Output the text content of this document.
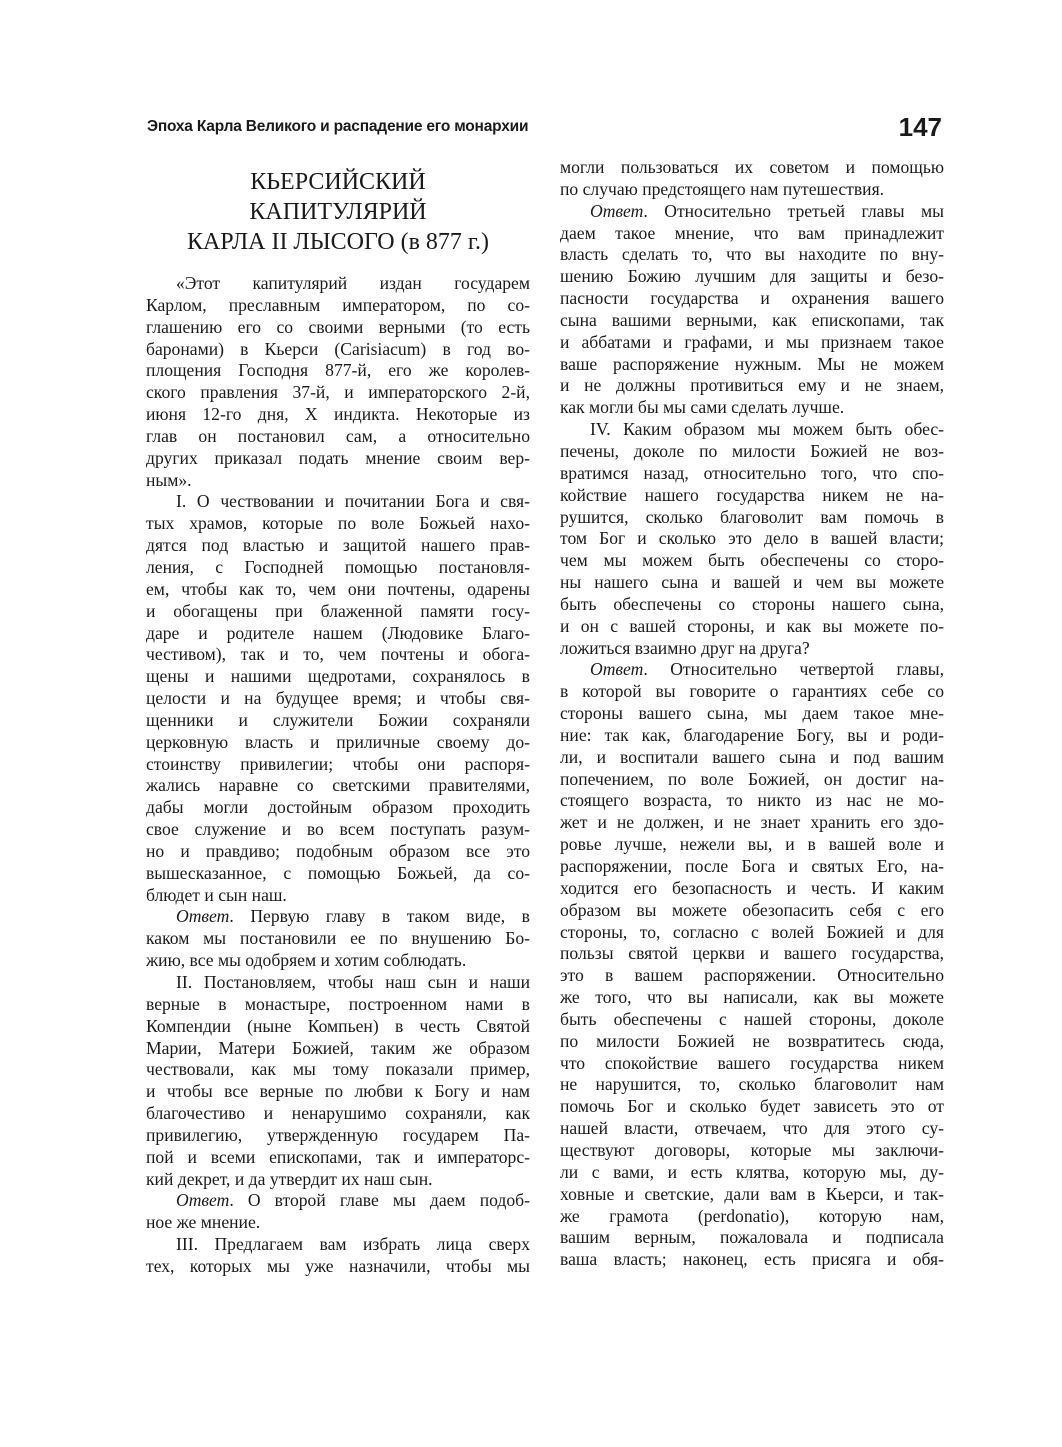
Эпоха Карла Великого и распадение его монархии	147
КЬЕРСИЙСКИЙ
КАПИТУЛЯРИЙ
КАРЛА II ЛЫСОГО (в 877 г.)
«Этот капитулярий издан государем
Карлом, преславным императором, по со-
глашению его со своими верными (то есть
баронами) в Кьерси (Carisiacum) в год во-
площения Господня 877-й, его же королев-
ского правления 37-й, и императорского 2-й,
июня 12-го дня, X индикта. Некоторые из
глав он постановил сам, а относительно
других приказал подать мнение своим вер-
ным».
I. О чествовании и почитании Бога и свя-
тых храмов, которые по воле Божьей нахо-
дятся под властью и защитой нашего прав-
ления, с Господней помощью постановля-
ем, чтобы как то, чем они почтены, одарены
и обогащены при блаженной памяти госу-
даре и родителе нашем (Людовике Благо-
честивом), так и то, чем почтены и обога-
щены и нашими щедротами, сохранялось в
целости и на будущее время; и чтобы свя-
щенники и служители Божии сохраняли
церковную власть и приличные своему до-
стоинству привилегии; чтобы они распоря-
жались наравне со светскими правителями,
дабы могли достойным образом проходить
свое служение и во всем поступать разум-
но и правдиво; подобным образом все это
вышесказанное, с помощью Божьей, да со-
блюдет и сын наш.
Ответ. Первую главу в таком виде, в
каком мы постановили ее по внушению Бо-
жию, все мы одобряем и хотим соблюдать.
II. Постановляем, чтобы наш сын и наши
верные в монастыре, построенном нами в
Компендии (ныне Компьен) в честь Святой
Марии, Матери Божией, таким же образом
чествовали, как мы тому показали пример,
и чтобы все верные по любви к Богу и нам
благочестиво и ненарушимо сохраняли, как
привилегию, утвержденную государем Па-
пой и всеми епископами, так и императорс-
кий декрет, и да утвердит их наш сын.
Ответ. О второй главе мы даем подоб-
ное же мнение.
III. Предлагаем вам избрать лица сверх
тех, которых мы уже назначили, чтобы мы
могли пользоваться их советом и помощью
по случаю предстоящего нам путешествия.
Ответ. Относительно третьей главы мы
даем такое мнение, что вам принадлежит
власть сделать то, что вы находите по вну-
шению Божию лучшим для защиты и безо-
пасности государства и охранения вашего
сына вашими верными, как епископами, так
и аббатами и графами, и мы признаем такое
ваше распоряжение нужным. Мы не можем
и не должны противиться ему и не знаем,
как могли бы мы сами сделать лучше.
IV. Каким образом мы можем быть обес-
печены, доколе по милости Божией не воз-
вратимся назад, относительно того, что спо-
койствие нашего государства никем не на-
рушится, сколько благоволит вам помочь в
том Бог и сколько это дело в вашей власти;
чем мы можем быть обеспечены со сторо-
ны нашего сына и вашей и чем вы можете
быть обеспечены со стороны нашего сына,
и он с вашей стороны, и как вы можете по-
ложиться взаимно друг на друга?
Ответ. Относительно четвертой главы,
в которой вы говорите о гарантиях себе со
стороны вашего сына, мы даем такое мне-
ние: так как, благодарение Богу, вы и роди-
ли, и воспитали вашего сына и под вашим
попечением, по воле Божией, он достиг на-
стоящего возраста, то никто из нас не мо-
жет и не должен, и не знает хранить его здо-
ровье лучше, нежели вы, и в вашей воле и
распоряжении, после Бога и святых Его, на-
ходится его безопасность и честь. И каким
образом вы можете обезопасить себя с его
стороны, то, согласно с волей Божией и для
пользы святой церкви и вашего государства,
это в вашем распоряжении. Относительно
же того, что вы написали, как вы можете
быть обеспечены с нашей стороны, доколе
по милости Божией не возвратитесь сюда,
что спокойствие вашего государства никем
не нарушится, то, сколько благоволит нам
помочь Бог и сколько будет зависеть это от
нашей власти, отвечаем, что для этого су-
ществуют договоры, которые мы заключи-
ли с вами, и есть клятва, которую мы, ду-
ховные и светские, дали вам в Кьерси, и так-
же грамота (perdonatio), которую нам,
вашим верным, пожаловала и подписала
ваша власть; наконец, есть присяга и обя-
